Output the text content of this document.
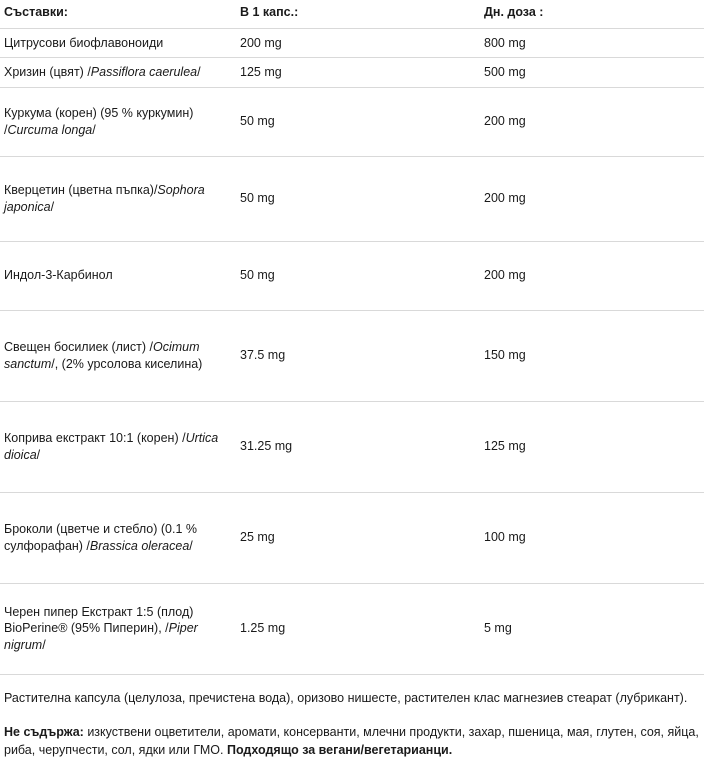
Съставки:	В 1 капс.:	Дн. доза :
Цитрусови биофлавоноиди	200 mg	800 mg
Хризин (цвят) /Passiflora caerulea/	125 mg	500 mg
Куркума (корен) (95 % куркумин) /Curcuma longa/	50 mg	200 mg
Кверцетин (цветна пъпка)/Sophora japonica/	50 mg	200 mg
Индол-3-Карбинол	50 mg	200 mg
Свещен босилиек (лист) /Ocimum sanctum/, (2% урсолова киселина)	37.5 mg	150 mg
Коприва екстракт 10:1 (корен) /Urtica dioica/	31.25 mg	125 mg
Броколи (цветче и стебло) (0.1 % сулфорафан) /Brassica oleracea/	25 mg	100 mg
Черен пипер Екстракт 1:5 (плод) BioPerine® (95% Пиперин), /Piper nigrum/	1.25 mg	5 mg
Растителна капсула (целулоза, пречистена вода), оризово нишесте, растителен клас магнезиев стеарат (лубрикант).
Не съдържа: изкуствени оцветители, аромати, консерванти, млечни продукти, захар, пшеница, мая, глутен, соя, яйца, риба, черупчести, сол, ядки или ГМО. Подходящо за вегани/вегетарианци.
